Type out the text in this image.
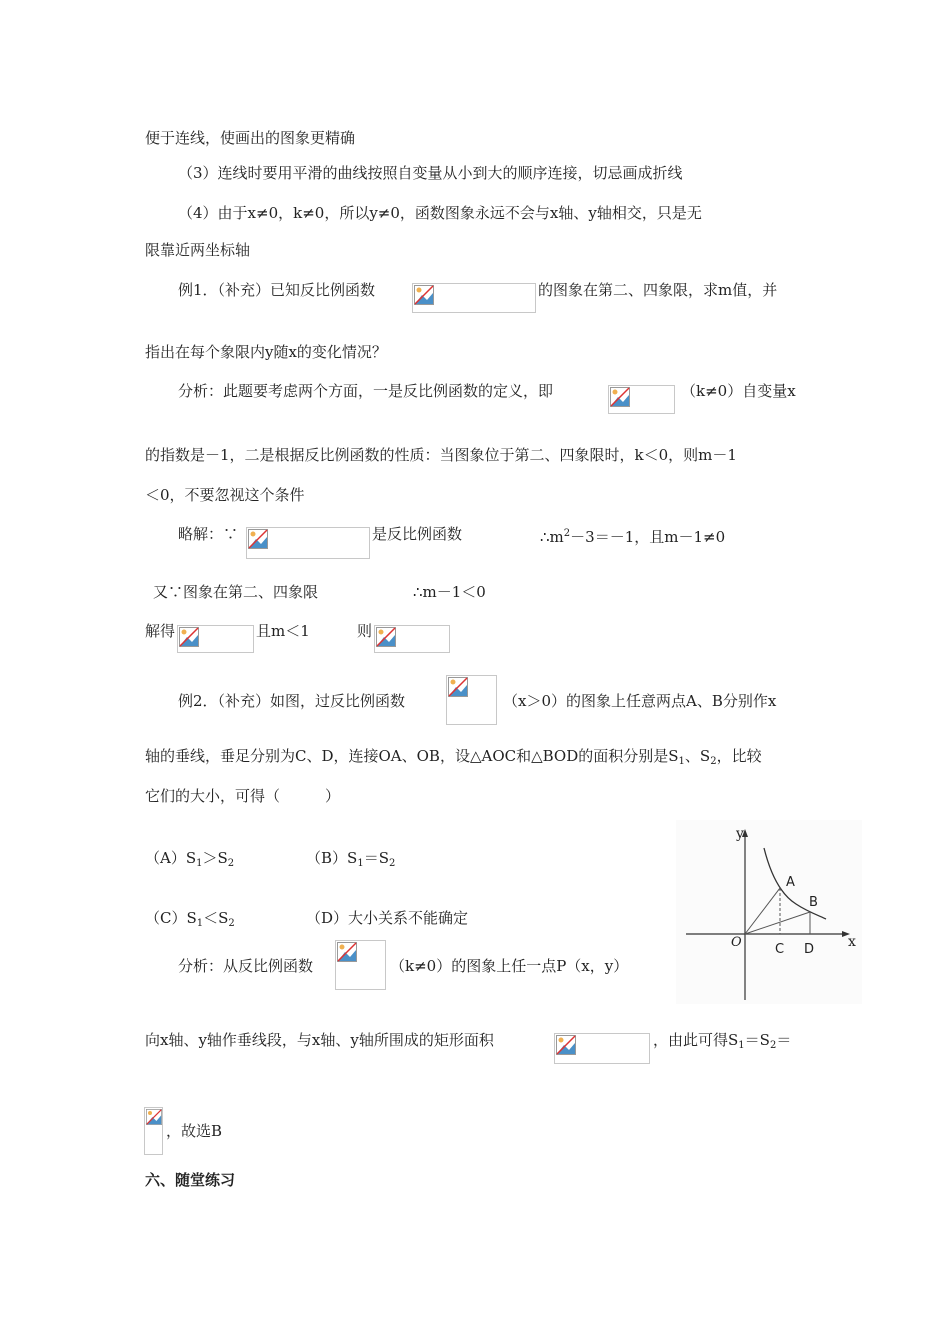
便于连线，使画出的图象更精确
（3）连线时要用平滑的曲线按照自变量从小到大的顺序连接，切忌画成折线
（4）由于x≠0，k≠0，所以y≠0，函数图象永远不会与x轴、y轴相交，只是无
限靠近两坐标轴
例1．（补充）已知反比例函数	的图象在第二、四象限，求m值，并
指出在每个象限内y随x的变化情况？
分析：此题要考虑两个方面，一是反比例函数的定义，即	（k≠0）自变量x
的指数是－1，二是根据反比例函数的性质：当图象位于第二、四象限时，k＜0，则m－1
＜0，不要忽视这个条件
略解：∵	是反比例函数	$\therefore m^2-3=-1$，且m－1≠0
又∵图象在第二、四象限	∴m－1＜0
解得	且m＜1	则
例2．（补充）如图，过反比例函数	（x＞0）的图象上任意两点A、B分别作x
轴的垂线，垂足分别为C、D，连接OA、OB，设△AOC和△BOD的面积分别是$S_1$、$S_2$，比较
它们的大小，可得（　　　）
$(A)S_1>S_2$	$(B)S_1=S_2$
$(C)S_1<S_2$	（D）大小关系不能确定
分析：从反比例函数	（k≠0）的图象上任一点P（x，y）
向x轴、y轴作垂线段，与x轴、y轴所围成的矩形面积	，由此可得$S_1=S_2=$
，故选B
六、随堂练习
y
x
O
A
B
C D
